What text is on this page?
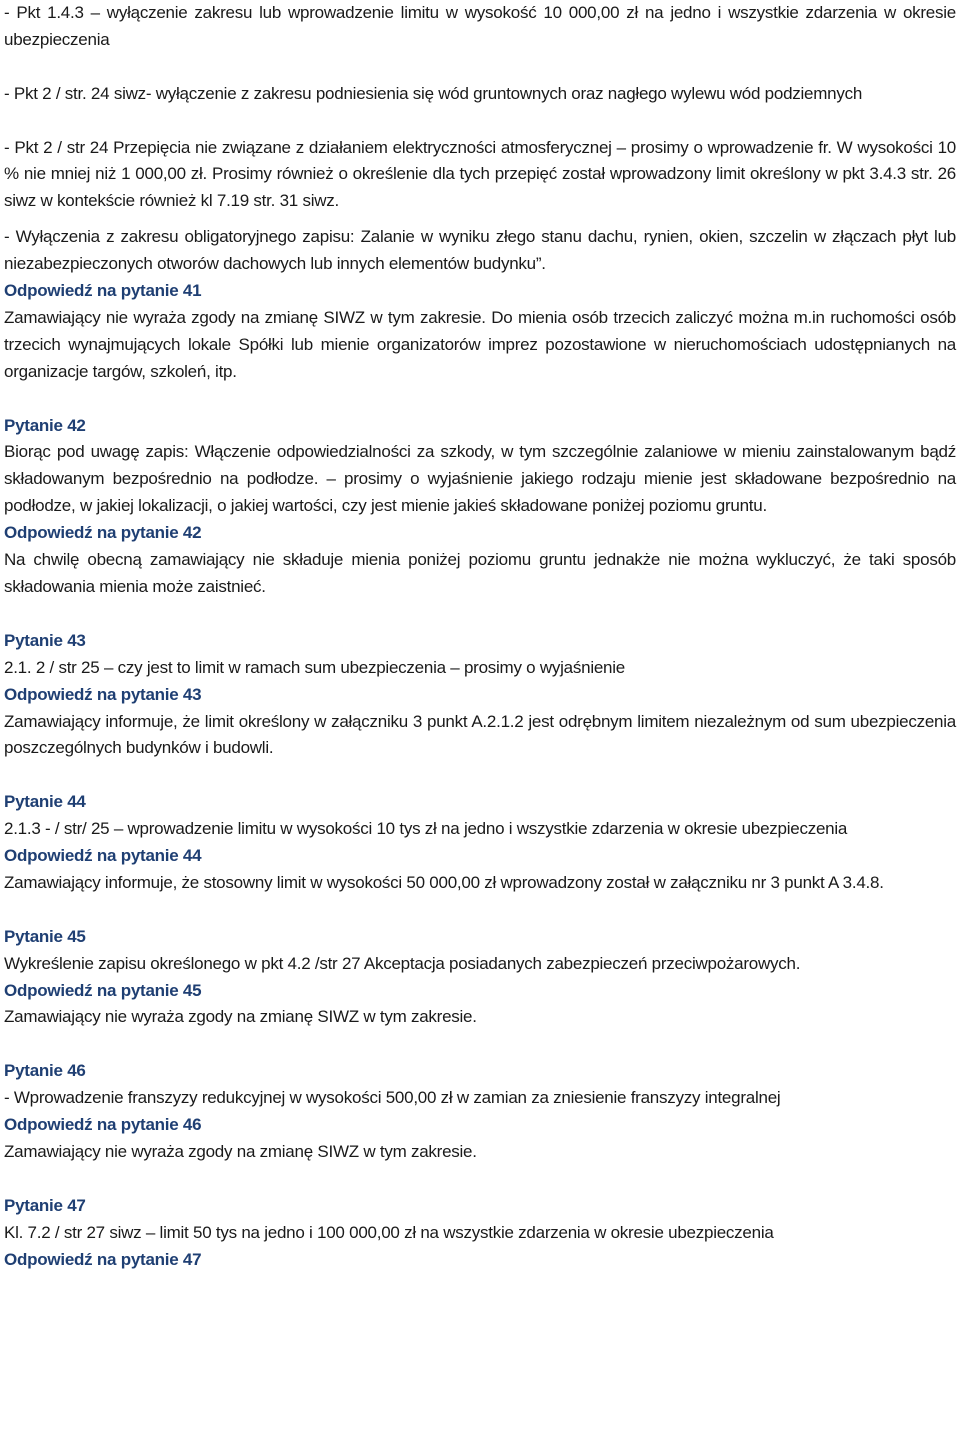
- Pkt 1.4.3 – wyłączenie zakresu lub wprowadzenie limitu w wysokość 10 000,00 zł na jedno i wszystkie zdarzenia w okresie ubezpieczenia

- Pkt 2 / str. 24 siwz- wyłączenie z zakresu podniesienia się wód gruntownych oraz nagłego wylewu wód podziemnych

- Pkt 2 / str 24 Przepięcia nie związane z działaniem elektryczności atmosferycznej – prosimy o wprowadzenie fr. W wysokości 10 % nie mniej niż 1 000,00 zł. Prosimy również o określenie dla tych przepięć został wprowadzony limit określony w pkt 3.4.3 str. 26 siwz w kontekście również kl 7.19 str. 31 siwz.

- Wyłączenia z zakresu obligatoryjnego zapisu: Zalanie w wyniku złego stanu dachu, rynien, okien, szczelin w złączach płyt lub niezabezpieczonych otworów dachowych lub innych elementów budynku”.

Odpowiedź na pytanie 41

Zamawiający nie wyraża zgody na zmianę SIWZ w tym zakresie. Do mienia osób trzecich zaliczyć można m.in ruchomości osób trzecich wynajmujących lokale Spółki lub mienie organizatorów imprez pozostawione w nieruchomościach udostępnianych na organizacje targów, szkoleń, itp.

Pytanie 42

Biorąc pod uwagę zapis: Włączenie odpowiedzialności za szkody, w tym szczególnie zalaniowe w mieniu zainstalowanym bądź składowanym bezpośrednio na podłodze. – prosimy o wyjaśnienie jakiego rodzaju mienie jest składowane bezpośrednio na podłodze, w jakiej lokalizacji, o jakiej wartości, czy jest mienie jakieś składowane poniżej poziomu gruntu.

Odpowiedź na pytanie 42

Na chwilę obecną zamawiający nie składuje mienia poniżej poziomu gruntu jednakże nie można wykluczyć, że taki sposób składowania mienia może zaistnieć.

Pytanie 43

2.1. 2 / str 25 – czy jest to limit w ramach sum ubezpieczenia – prosimy o wyjaśnienie

Odpowiedź na pytanie 43

Zamawiający informuje, że limit określony w załączniku 3 punkt A.2.1.2 jest odrębnym limitem niezależnym od sum ubezpieczenia poszczególnych budynków i budowli.

Pytanie 44

2.1.3 - / str/ 25 – wprowadzenie limitu w wysokości 10 tys zł na jedno i wszystkie zdarzenia w okresie ubezpieczenia

Odpowiedź na pytanie 44

Zamawiający informuje, że stosowny limit w wysokości 50 000,00 zł wprowadzony został w załączniku nr 3 punkt A 3.4.8.

Pytanie 45

Wykreślenie zapisu określonego w pkt 4.2 /str 27 Akceptacja posiadanych zabezpieczeń przeciwpożarowych.

Odpowiedź na pytanie 45

Zamawiający nie wyraża zgody na zmianę SIWZ w tym zakresie.

Pytanie 46

- Wprowadzenie franszyzy redukcyjnej w wysokości 500,00 zł w zamian za zniesienie franszyzy integralnej

Odpowiedź na pytanie 46

Zamawiający nie wyraża zgody na zmianę SIWZ w tym zakresie.

Pytanie 47

Kl. 7.2 / str 27 siwz – limit 50 tys na jedno i 100 000,00 zł na wszystkie zdarzenia w okresie ubezpieczenia

Odpowiedź na pytanie 47
